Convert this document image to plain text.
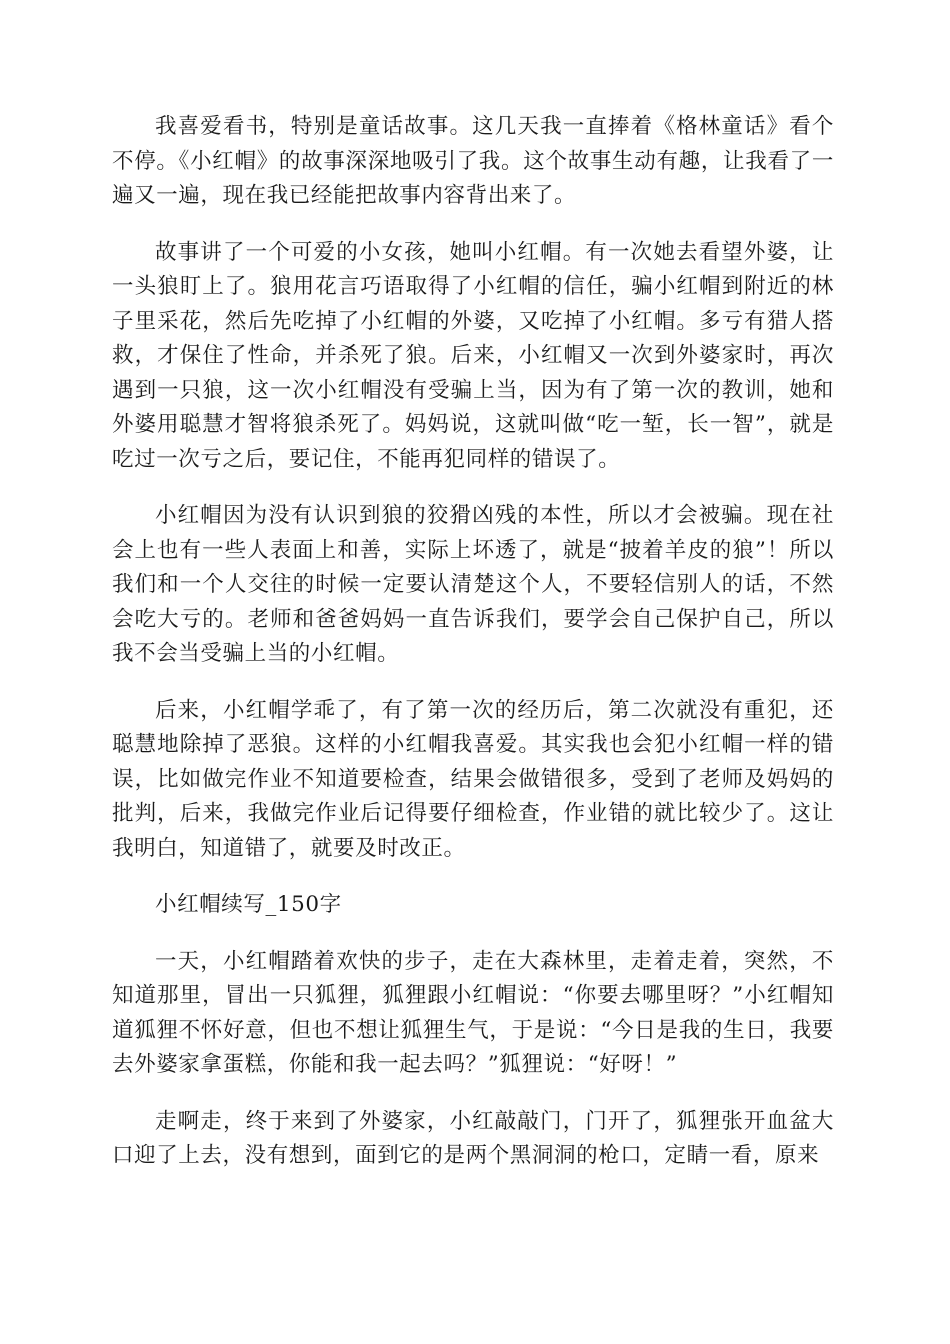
我喜爱看书，特别是童话故事。这几天我一直捧着《格林童话》看个不停。《小红帽》的故事深深地吸引了我。这个故事生动有趣，让我看了一遍又一遍，现在我已经能把故事内容背出来了。

故事讲了一个可爱的小女孩，她叫小红帽。有一次她去看望外婆，让一头狼盯上了。狼用花言巧语取得了小红帽的信任，骗小红帽到附近的林子里采花，然后先吃掉了小红帽的外婆，又吃掉了小红帽。多亏有猎人搭救，才保住了性命，并杀死了狼。后来，小红帽又一次到外婆家时，再次遇到一只狼，这一次小红帽没有受骗上当，因为有了第一次的教训，她和外婆用聪慧才智将狼杀死了。妈妈说，这就叫做“吃一堑，长一智”，就是吃过一次亏之后，要记住，不能再犯同样的错误了。

小红帽因为没有认识到狼的狡猾凶残的本性，所以才会被骗。现在社会上也有一些人表面上和善，实际上坏透了，就是“披着羊皮的狼”！所以我们和一个人交往的时候一定要认清楚这个人，不要轻信别人的话，不然会吃大亏的。老师和爸爸妈妈一直告诉我们，要学会自己保护自己，所以我不会当受骗上当的小红帽。

后来，小红帽学乖了，有了第一次的经历后，第二次就没有重犯，还聪慧地除掉了恶狼。这样的小红帽我喜爱。其实我也会犯小红帽一样的错误，比如做完作业不知道要检查，结果会做错很多，受到了老师及妈妈的批判，后来，我做完作业后记得要仔细检查，作业错的就比较少了。这让我明白，知道错了，就要及时改正。

小红帽续写_150字

一天，小红帽踏着欢快的步子，走在大森林里，走着走着，突然，不知道那里，冒出一只狐狸，狐狸跟小红帽说：“你要去哪里呀？”小红帽知道狐狸不怀好意，但也不想让狐狸生气，于是说：“今日是我的生日，我要去外婆家拿蛋糕，你能和我一起去吗？”狐狸说：“好呀！”

走啊走，终于来到了外婆家，小红敲敲门，门开了，狐狸张开血盆大口迎了上去，没有想到，面到它的是两个黑洞洞的枪口，定睛一看，原来
